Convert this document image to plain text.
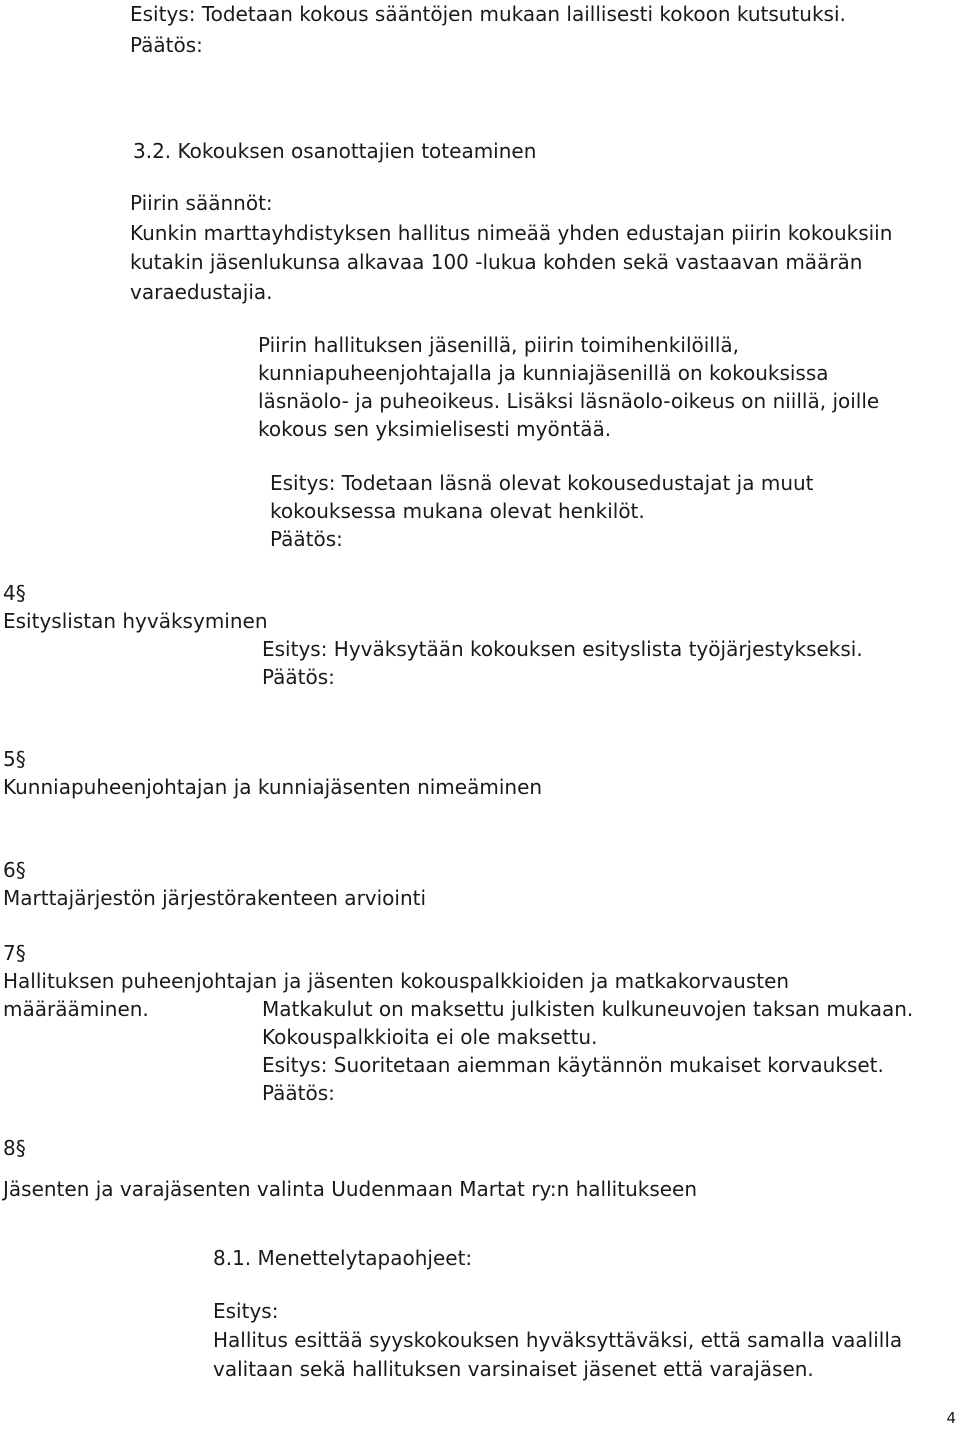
Esitys: Todetaan kokous sääntöjen mukaan laillisesti kokoon kutsutuksi.

Päätös:

3.2. Kokouksen osanottajien toteaminen

Piirin säännöt:

Kunkin marttayhdistyksen hallitus nimeää yhden edustajan piirin kokouksiin

kutakin jäsenlukunsa alkavaa 100 -lukua kohden sekä vastaavan määrän

varaedustajia.

Piirin hallituksen jäsenillä, piirin toimihenkilöillä,

kunniapuheenjohtajalla ja kunniajäsenillä on kokouksissa

läsnäolo- ja puheoikeus. Lisäksi läsnäolo-oikeus on niillä, joille

kokous sen yksimielisesti myöntää.

Esitys: Todetaan läsnä olevat kokousedustajat ja muut

kokouksessa mukana olevat henkilöt.

Päätös:

4§

Esityslistan hyväksyminen

Esitys: Hyväksytään kokouksen esityslista työjärjestykseksi.

Päätös:

5§

Kunniapuheenjohtajan ja kunniajäsenten nimeäminen

6§

Marttajärjestön järjestörakenteen arviointi

7§

Hallituksen puheenjohtajan ja jäsenten kokouspalkkioiden ja matkakorvausten

määrääminen.	Matkakulut on maksettu julkisten kulkuneuvojen taksan mukaan.

Kokouspalkkioita ei ole maksettu.

Esitys: Suoritetaan aiemman käytännön mukaiset korvaukset.

Päätös:

8§

Jäsenten ja varajäsenten valinta Uudenmaan Martat ry:n hallitukseen

8.1. Menettelytapaohjeet:

Esitys:

Hallitus esittää syyskokouksen hyväksyttäväksi, että samalla vaalilla

valitaan sekä hallituksen varsinaiset jäsenet että varajäsen.

4
